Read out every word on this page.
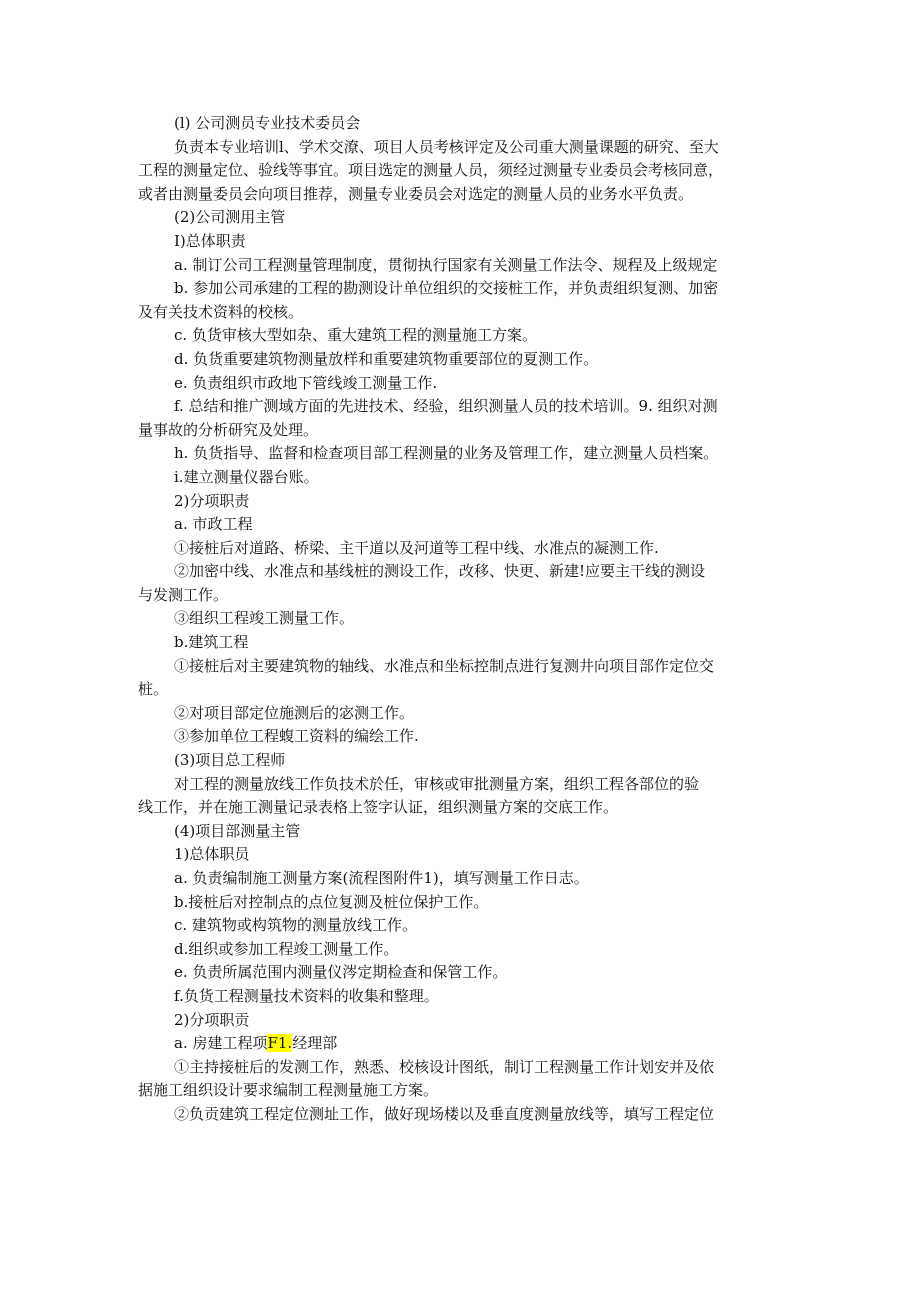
(l) 公司测员专业技术委员会

负责本专业培训l、学术交潦、项目人员考核评定及公司重大测量课题的研究、至大

工程的测量定位、验线等事宜。项目选定的测量人员，须经过测量专业委员会考核同意，

或者由测量委员会向项目推荐，测量专业委员会对选定的测量人员的业务水平负责。

(2)公司测用主管

I)总体职责

a. 制订公司工程测量管理制度，贯彻执行国家有关测量工作法令、规程及上级规定

b. 参加公司承建的工程的勘测设计单位组织的交接桩工作，并负责组织复测、加密

及有关技术资料的校核。

c. 负货审核大型如杂、重大建筑工程的测量施工方案。

d. 负货重要建筑物测量放样和重要建筑物重要部位的夏测工作。

e. 负责组织市政地下管线竣工测量工作.

f. 总结和推广测域方面的先进技术、经验，组织测量人员的技术培训。9. 组织对测

量事故的分析研究及处理。

h. 负货指导、监督和检查项目部工程测量的业务及管理工作，建立测量人员档案。

i.建立测量仪器台账。

2)分项职责

a. 市政工程

①接桩后对道路、桥梁、主干道以及河道等工程中线、水准点的凝测工作.

②加密中线、水准点和基线桩的测设工作，改移、快更、新建!应要主干线的测设

与发测工作。

③组织工程竣工测量工作。

b.建筑工程

①接桩后对主要建筑物的轴线、水准点和坐标控制点进行复测井向项目部作定位交

桩。

②对项目部定位施测后的宓测工作。

③参加单位工程蝮工资料的编绘工作.

(3)项目总工程师

对工程的测量放线工作负技术於任，审核或审批测量方案，组织工程各部位的验

线工作，并在施工测量记录表格上签字认证，组织测量方案的交底工作。

(4)项目部测量主管

1)总体职员

a. 负责编制施工测量方案(流程图附件1)，填写测量工作日志。

b.接桩后对控制点的点位复测及桩位保护工作。

c. 建筑物或构筑物的测量放线工作。

d.组织或参加工程竣工测量工作。

e. 负责所属范围内测量仪涔定期检查和保管工作。

f.负货工程测量技术资料的收集和整理。

2)分项职贡

a. 房建工程项F1.经理部

①主持接桩后的发测工作，熟悉、校核设计图纸，制订工程测量工作计划安并及依

据施工组织设计要求编制工程测量施工方案。

②负贡建筑工程定位测址工作，做好现场楼以及垂直度测量放线等，填写工程定位
